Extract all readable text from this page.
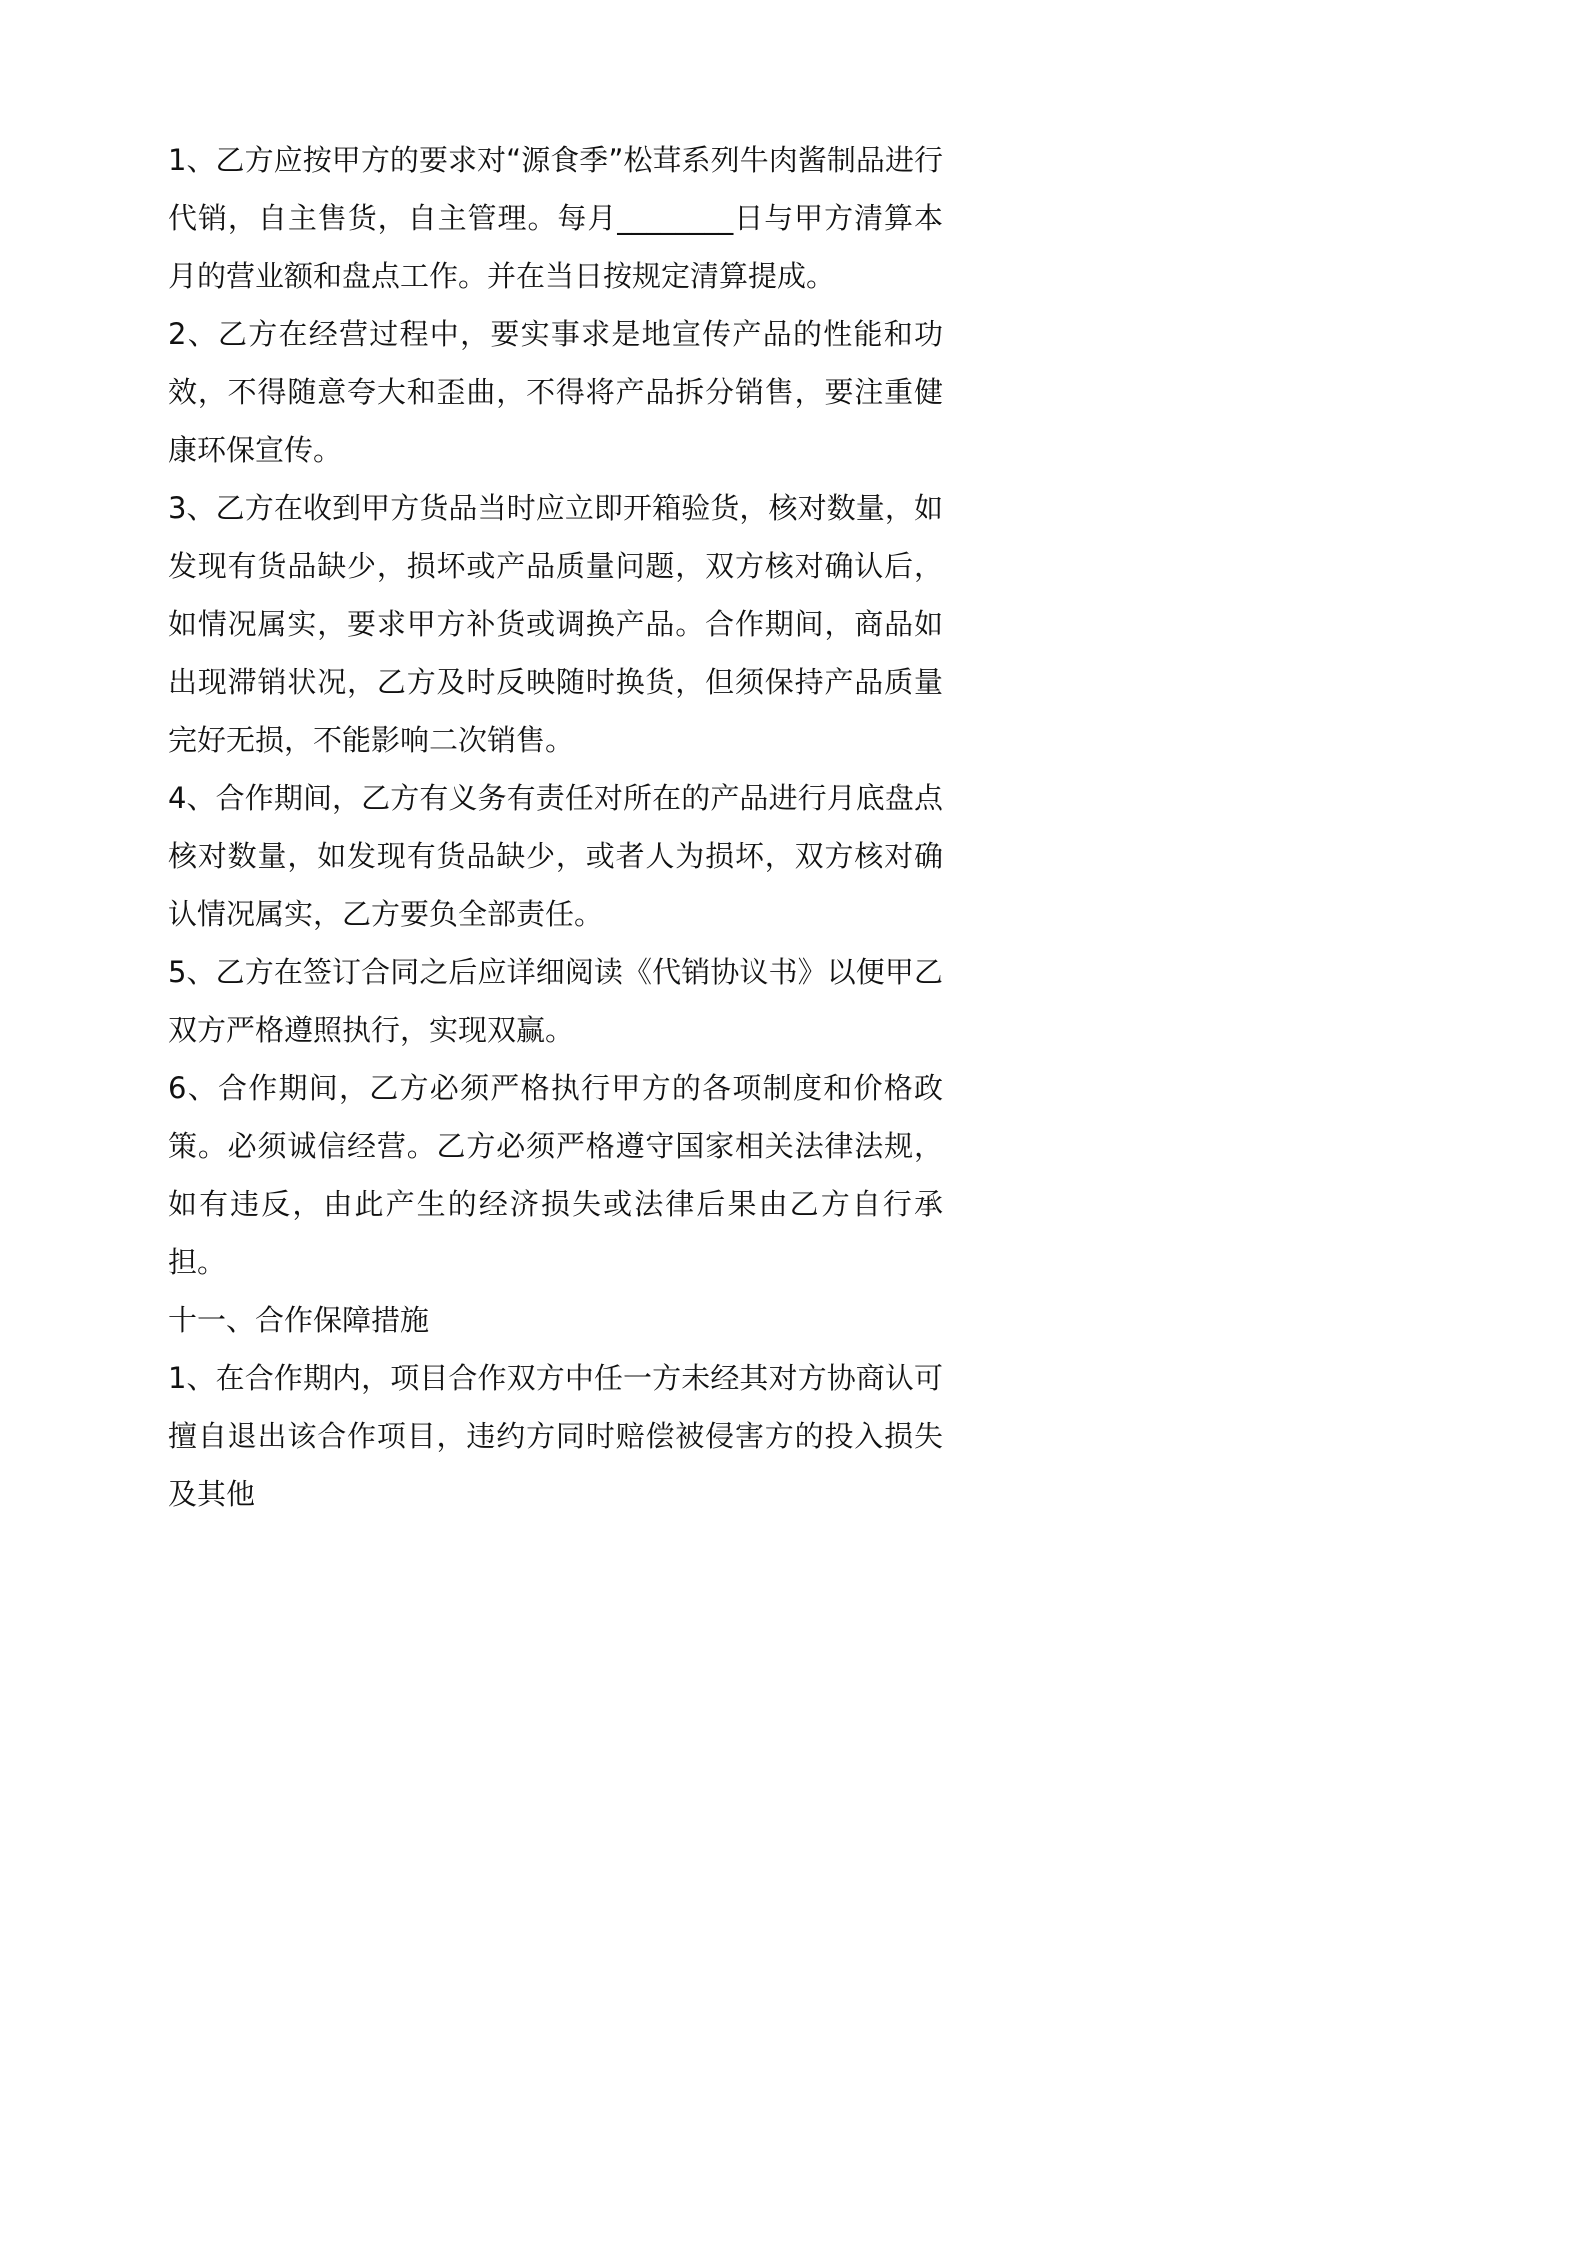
1、乙方应按甲方的要求对“源食季”松茸系列牛肉酱制品进行代销，自主售货，自主管理。每月________日与甲方清算本月的营业额和盘点工作。并在当日按规定清算提成。

2、乙方在经营过程中，要实事求是地宣传产品的性能和功效，不得随意夸大和歪曲，不得将产品拆分销售，要注重健康环保宣传。

3、乙方在收到甲方货品当时应立即开箱验货，核对数量，如发现有货品缺少，损坏或产品质量问题，双方核对确认后，如情况属实，要求甲方补货或调换产品。合作期间，商品如出现滞销状况，乙方及时反映随时换货，但须保持产品质量完好无损，不能影响二次销售。

4、合作期间，乙方有义务有责任对所在的产品进行月底盘点核对数量，如发现有货品缺少，或者人为损坏，双方核对确认情况属实，乙方要负全部责任。

5、乙方在签订合同之后应详细阅读《代销协议书》以便甲乙双方严格遵照执行，实现双赢。

6、合作期间，乙方必须严格执行甲方的各项制度和价格政策。必须诚信经营。乙方必须严格遵守国家相关法律法规，如有违反，由此产生的经济损失或法律后果由乙方自行承担。

十一、合作保障措施

1、在合作期内，项目合作双方中任一方未经其对方协商认可擅自退出该合作项目，违约方同时赔偿被侵害方的投入损失及其他
